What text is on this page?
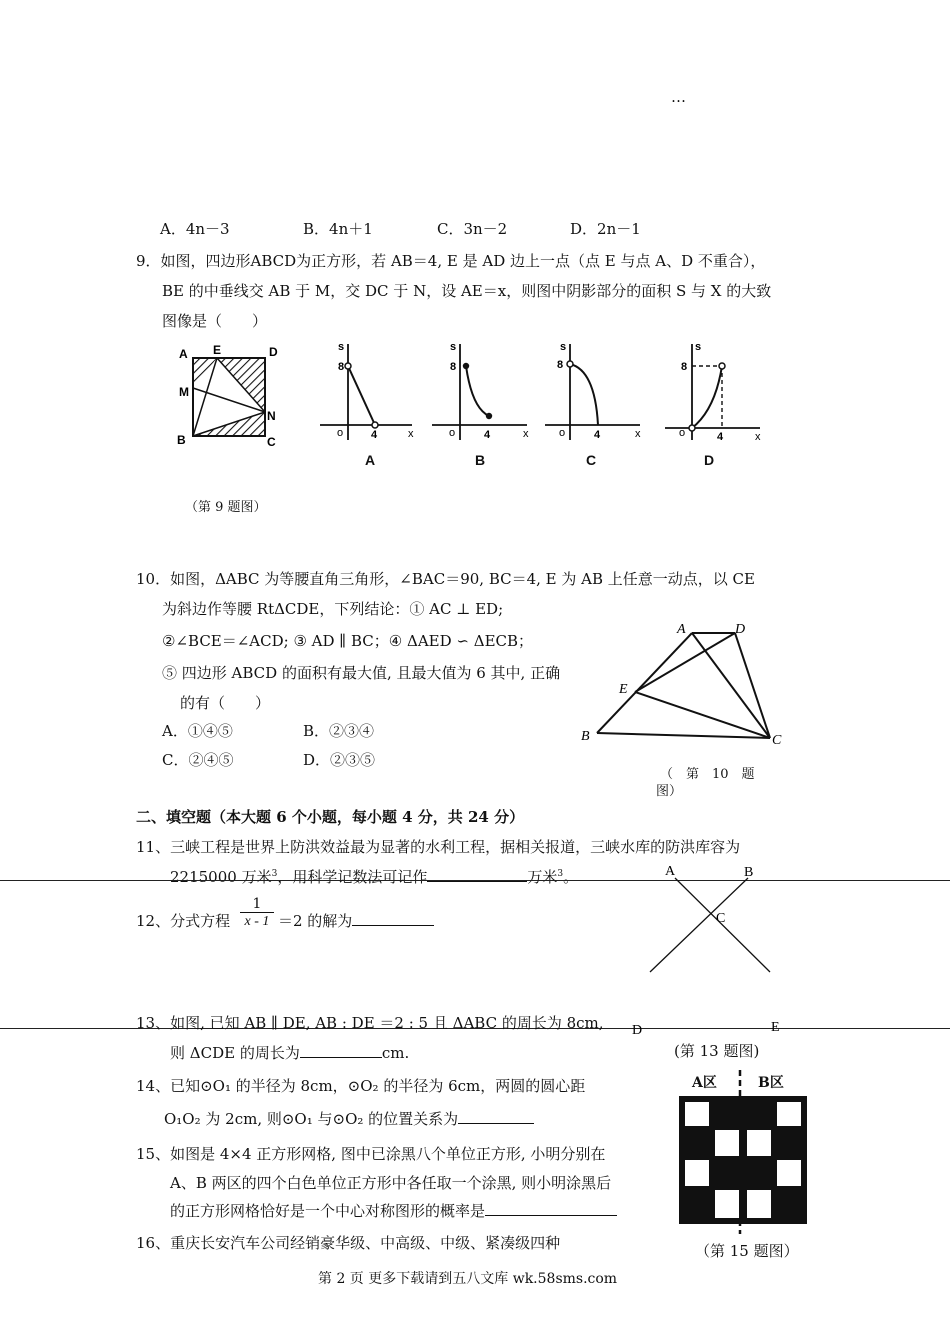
…
A．4n－3	B．4n＋1	C．3n－2	D．2n－1
9．如图，四边形ABCD为正方形，若 AB＝4, E 是 AD 边上一点（点 E 与点 A、D 不重合），
BE 的中垂线交 AB 于 M，交 DC 于 N，设 AE＝x，则图中阴影部分的面积 S 与 X 的大致
图像是（　　）
A E	D
M
N
B	C
s
8
o	4	x
A
s
8
o	4	x
B
s
8
o	4	x
C
s
8
o	4	x
D
（第 9 题图）
10．如图，ΔABC 为等腰直角三角形，∠BAC＝90, BC＝4, E 为 AB 上任意一动点，以 CE
为斜边作等腰 RtΔCDE，下列结论：① AC ⊥ ED;
②∠BCE＝∠ACD; ③ AD ∥ BC；④ ΔAED ∽ ΔECB；
⑤ 四边形 ABCD 的面积有最大值, 且最大值为 6 其中, 正确
的有（　　）
A．①④⑤	B．②③④
C．②④⑤	D．②③⑤
A	D
E
B	C
（　第　10　题
图）
二、填空题（本大题 6 个小题，每小题 4 分，共 24 分）
11、三峡工程是世界上防洪效益最为显著的水利工程，据相关报道，三峡水库的防洪库容为
2215000 万米$^3$，用科学记数法可记作	万米$^3$。
12、分式方程
1
x - 1 ＝2 的解为
A	B
C
D	E
13、如图, 已知 AB ∥ DE, AB : DE ＝2 : 5 且 ΔABC 的周长为 8cm,
则 ΔCDE 的周长为	cm.	(第 13 题图)
14、已知⊙O₁ 的半径为 8cm，⊙O₂ 的半径为 6cm，两圆的圆心距
O₁O₂ 为 2cm, 则⊙O₁ 与⊙O₂ 的位置关系为
15、如图是 4×4 正方形网格, 图中已涂黑八个单位正方形, 小明分别在
A、B 两区的四个白色单位正方形中各任取一个涂黑, 则小明涂黑后
的正方形网格恰好是一个中心对称图形的概率是
A区	B区
（第 15 题图）
16、重庆长安汽车公司经销豪华级、中高级、中级、紧凑级四种
第 2 页 更多下载请到五八文库 wk.58sms.com
